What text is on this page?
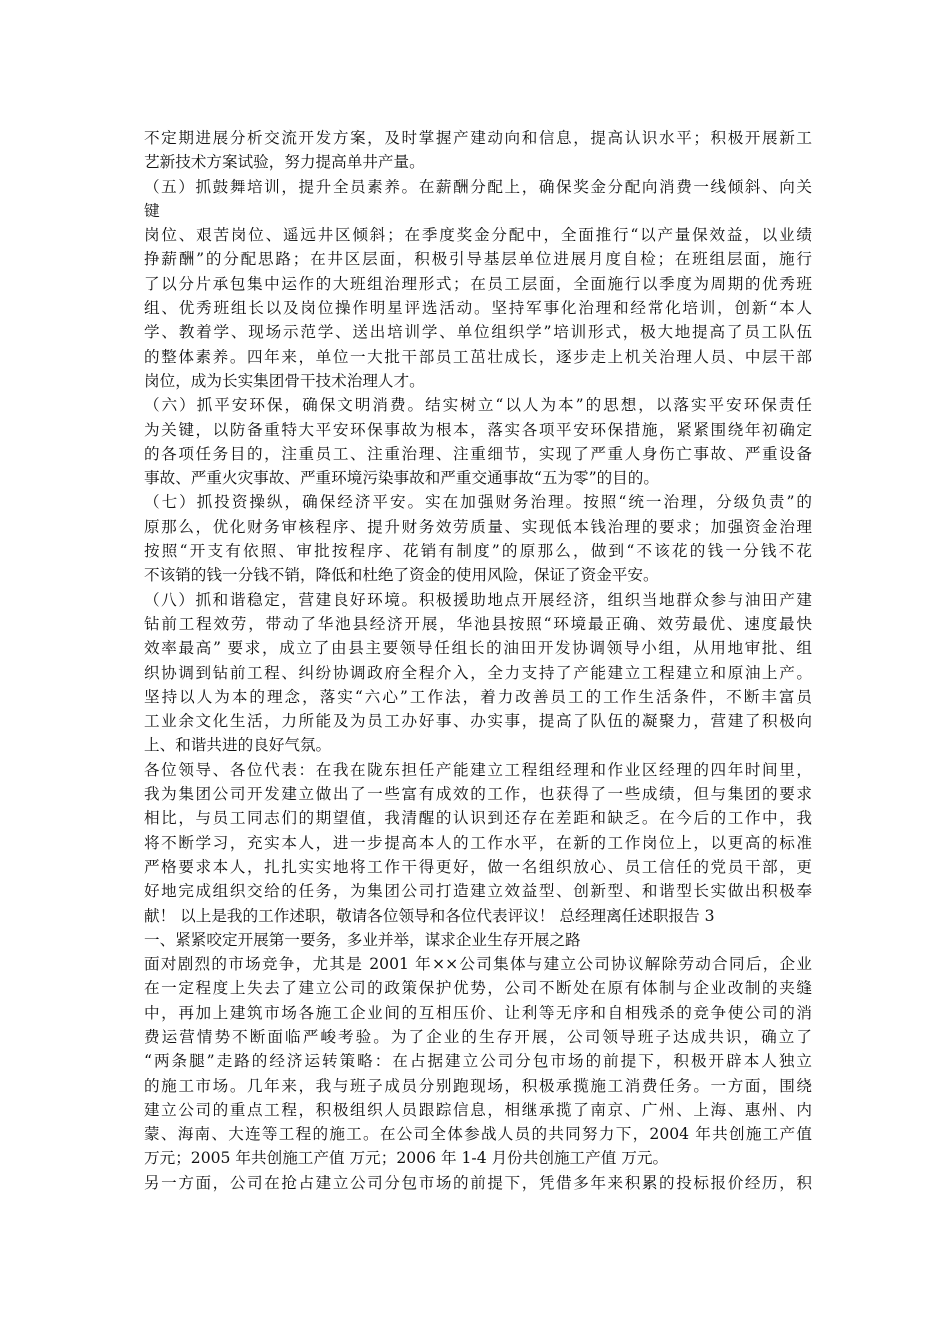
不定期进展分析交流开发方案，及时掌握产建动向和信息，提高认识水平；积极开展新工
艺新技术方案试验，努力提高单井产量。
（五）抓鼓舞培训，提升全员素养。在薪酬分配上，确保奖金分配向消费一线倾斜、向关
键
岗位、艰苦岗位、遥远井区倾斜；在季度奖金分配中，全面推行“以产量保效益，以业绩
挣薪酬”的分配思路；在井区层面，积极引导基层单位进展月度自检；在班组层面，施行
了以分片承包集中运作的大班组治理形式；在员工层面，全面施行以季度为周期的优秀班
组、优秀班组长以及岗位操作明星评选活动。坚持军事化治理和经常化培训，创新“本人
学、教着学、现场示范学、送出培训学、单位组织学”培训形式，极大地提高了员工队伍
的整体素养。四年来，单位一大批干部员工茁壮成长，逐步走上机关治理人员、中层干部
岗位，成为长实集团骨干技术治理人才。
（六）抓平安环保，确保文明消费。结实树立“以人为本”的思想，以落实平安环保责任
为关键，以防备重特大平安环保事故为根本，落实各项平安环保措施，紧紧围绕年初确定
的各项任务目的，注重员工、注重治理、注重细节，实现了严重人身伤亡事故、严重设备
事故、严重火灾事故、严重环境污染事故和严重交通事故“五为零”的目的。
（七）抓投资操纵，确保经济平安。实在加强财务治理。按照“统一治理，分级负责”的
原那么，优化财务审核程序、提升财务效劳质量、实现低本钱治理的要求；加强资金治理
按照“开支有依照、审批按程序、花销有制度”的原那么，做到“不该花的钱一分钱不花
不该销的钱一分钱不销，降低和杜绝了资金的使用风险，保证了资金平安。
（八）抓和谐稳定，营建良好环境。积极援助地点开展经济，组织当地群众参与油田产建
钻前工程效劳，带动了华池县经济开展，华池县按照“环境最正确、效劳最优、速度最快
效率最高” 要求，成立了由县主要领导任组长的油田开发协调领导小组，从用地审批、组
织协调到钻前工程、纠纷协调政府全程介入，全力支持了产能建立工程建立和原油上产。
坚持以人为本的理念，落实“六心”工作法，着力改善员工的工作生活条件，不断丰富员
工业余文化生活，力所能及为员工办好事、办实事，提高了队伍的凝聚力，营建了积极向
上、和谐共进的良好气氛。
各位领导、各位代表：在我在陇东担任产能建立工程组经理和作业区经理的四年时间里，
我为集团公司开发建立做出了一些富有成效的工作，也获得了一些成绩，但与集团的要求
相比，与员工同志们的期望值，我清醒的认识到还存在差距和缺乏。在今后的工作中，我
将不断学习，充实本人，进一步提高本人的工作水平，在新的工作岗位上，以更高的标准
严格要求本人，扎扎实实地将工作干得更好，做一名组织放心、员工信任的党员干部，更
好地完成组织交给的任务，为集团公司打造建立效益型、创新型、和谐型长实做出积极奉
献！ 以上是我的工作述职，敬请各位领导和各位代表评议！ 总经理离任述职报告 3
一、紧紧咬定开展第一要务，多业并举，谋求企业生存开展之路
面对剧烈的市场竞争，尤其是 2001 年××公司集体与建立公司协议解除劳动合同后，企业
在一定程度上失去了建立公司的政策保护优势，公司不断处在原有体制与企业改制的夹缝
中，再加上建筑市场各施工企业间的互相压价、让利等无序和自相残杀的竞争使公司的消
费运营情势不断面临严峻考验。为了企业的生存开展，公司领导班子达成共识，确立了
“两条腿”走路的经济运转策略：在占据建立公司分包市场的前提下，积极开辟本人独立
的施工市场。几年来，我与班子成员分别跑现场，积极承揽施工消费任务。一方面，围绕
建立公司的重点工程，积极组织人员跟踪信息，相继承揽了南京、广州、上海、惠州、内
蒙、海南、大连等工程的施工。在公司全体参战人员的共同努力下，2004 年共创施工产值
万元；2005 年共创施工产值 万元；2006 年 1-4 月份共创施工产值 万元。
另一方面，公司在抢占建立公司分包市场的前提下，凭借多年来积累的投标报价经历，积
